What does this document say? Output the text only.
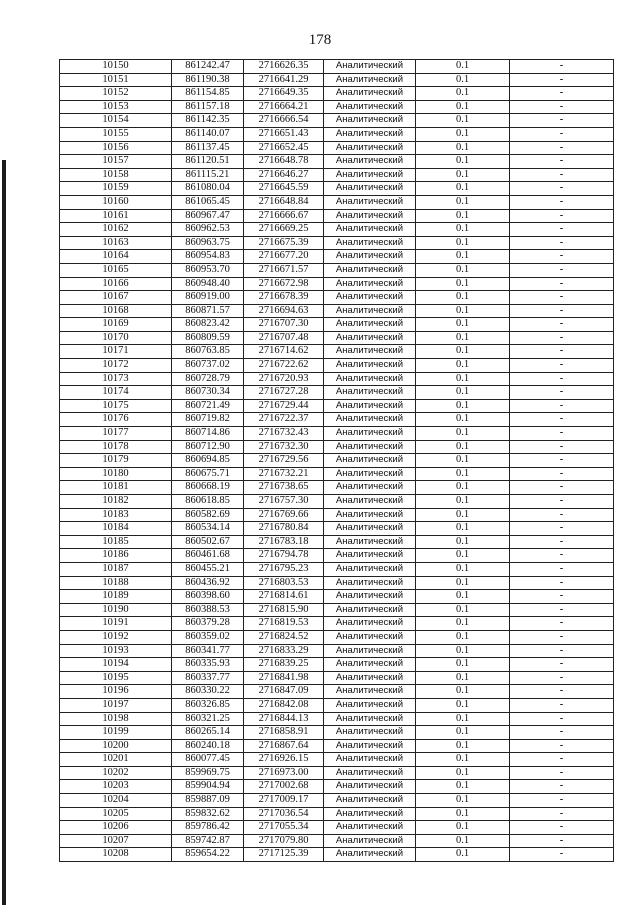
178
10150	861242.47	2716626.35	Аналитический	0.1	-
10151	861190.38	2716641.29	Аналитический	0.1	-
10152	861154.85	2716649.35	Аналитический	0.1	-
10153	861157.18	2716664.21	Аналитический	0.1	-
10154	861142.35	2716666.54	Аналитический	0.1	-
10155	861140.07	2716651.43	Аналитический	0.1	-
10156	861137.45	2716652.45	Аналитический	0.1	-
10157	861120.51	2716648.78	Аналитический	0.1	-
10158	861115.21	2716646.27	Аналитический	0.1	-
10159	861080.04	2716645.59	Аналитический	0.1	-
10160	861065.45	2716648.84	Аналитический	0.1	-
10161	860967.47	2716666.67	Аналитический	0.1	-
10162	860962.53	2716669.25	Аналитический	0.1	-
10163	860963.75	2716675.39	Аналитический	0.1	-
10164	860954.83	2716677.20	Аналитический	0.1	-
10165	860953.70	2716671.57	Аналитический	0.1	-
10166	860948.40	2716672.98	Аналитический	0.1	-
10167	860919.00	2716678.39	Аналитический	0.1	-
10168	860871.57	2716694.63	Аналитический	0.1	-
10169	860823.42	2716707.30	Аналитический	0.1	-
10170	860809.59	2716707.48	Аналитический	0.1	-
10171	860763.85	2716714.62	Аналитический	0.1	-
10172	860737.02	2716722.62	Аналитический	0.1	-
10173	860728.79	2716720.93	Аналитический	0.1	-
10174	860730.34	2716727.28	Аналитический	0.1	-
10175	860721.49	2716729.44	Аналитический	0.1	-
10176	860719.82	2716722.37	Аналитический	0.1	-
10177	860714.86	2716732.43	Аналитический	0.1	-
10178	860712.90	2716732.30	Аналитический	0.1	-
10179	860694.85	2716729.56	Аналитический	0.1	-
10180	860675.71	2716732.21	Аналитический	0.1	-
10181	860668.19	2716738.65	Аналитический	0.1	-
10182	860618.85	2716757.30	Аналитический	0.1	-
10183	860582.69	2716769.66	Аналитический	0.1	-
10184	860534.14	2716780.84	Аналитический	0.1	-
10185	860502.67	2716783.18	Аналитический	0.1	-
10186	860461.68	2716794.78	Аналитический	0.1	-
10187	860455.21	2716795.23	Аналитический	0.1	-
10188	860436.92	2716803.53	Аналитический	0.1	-
10189	860398.60	2716814.61	Аналитический	0.1	-
10190	860388.53	2716815.90	Аналитический	0.1	-
10191	860379.28	2716819.53	Аналитический	0.1	-
10192	860359.02	2716824.52	Аналитический	0.1	-
10193	860341.77	2716833.29	Аналитический	0.1	-
10194	860335.93	2716839.25	Аналитический	0.1	-
10195	860337.77	2716841.98	Аналитический	0.1	-
10196	860330.22	2716847.09	Аналитический	0.1	-
10197	860326.85	2716842.08	Аналитический	0.1	-
10198	860321.25	2716844.13	Аналитический	0.1	-
10199	860265.14	2716858.91	Аналитический	0.1	-
10200	860240.18	2716867.64	Аналитический	0.1	-
10201	860077.45	2716926.15	Аналитический	0.1	-
10202	859969.75	2716973.00	Аналитический	0.1	-
10203	859904.94	2717002.68	Аналитический	0.1	-
10204	859887.09	2717009.17	Аналитический	0.1	-
10205	859832.62	2717036.54	Аналитический	0.1	-
10206	859786.42	2717055.34	Аналитический	0.1	-
10207	859742.87	2717079.80	Аналитический	0.1	-
10208	859654.22	2717125.39	Аналитический	0.1	-
